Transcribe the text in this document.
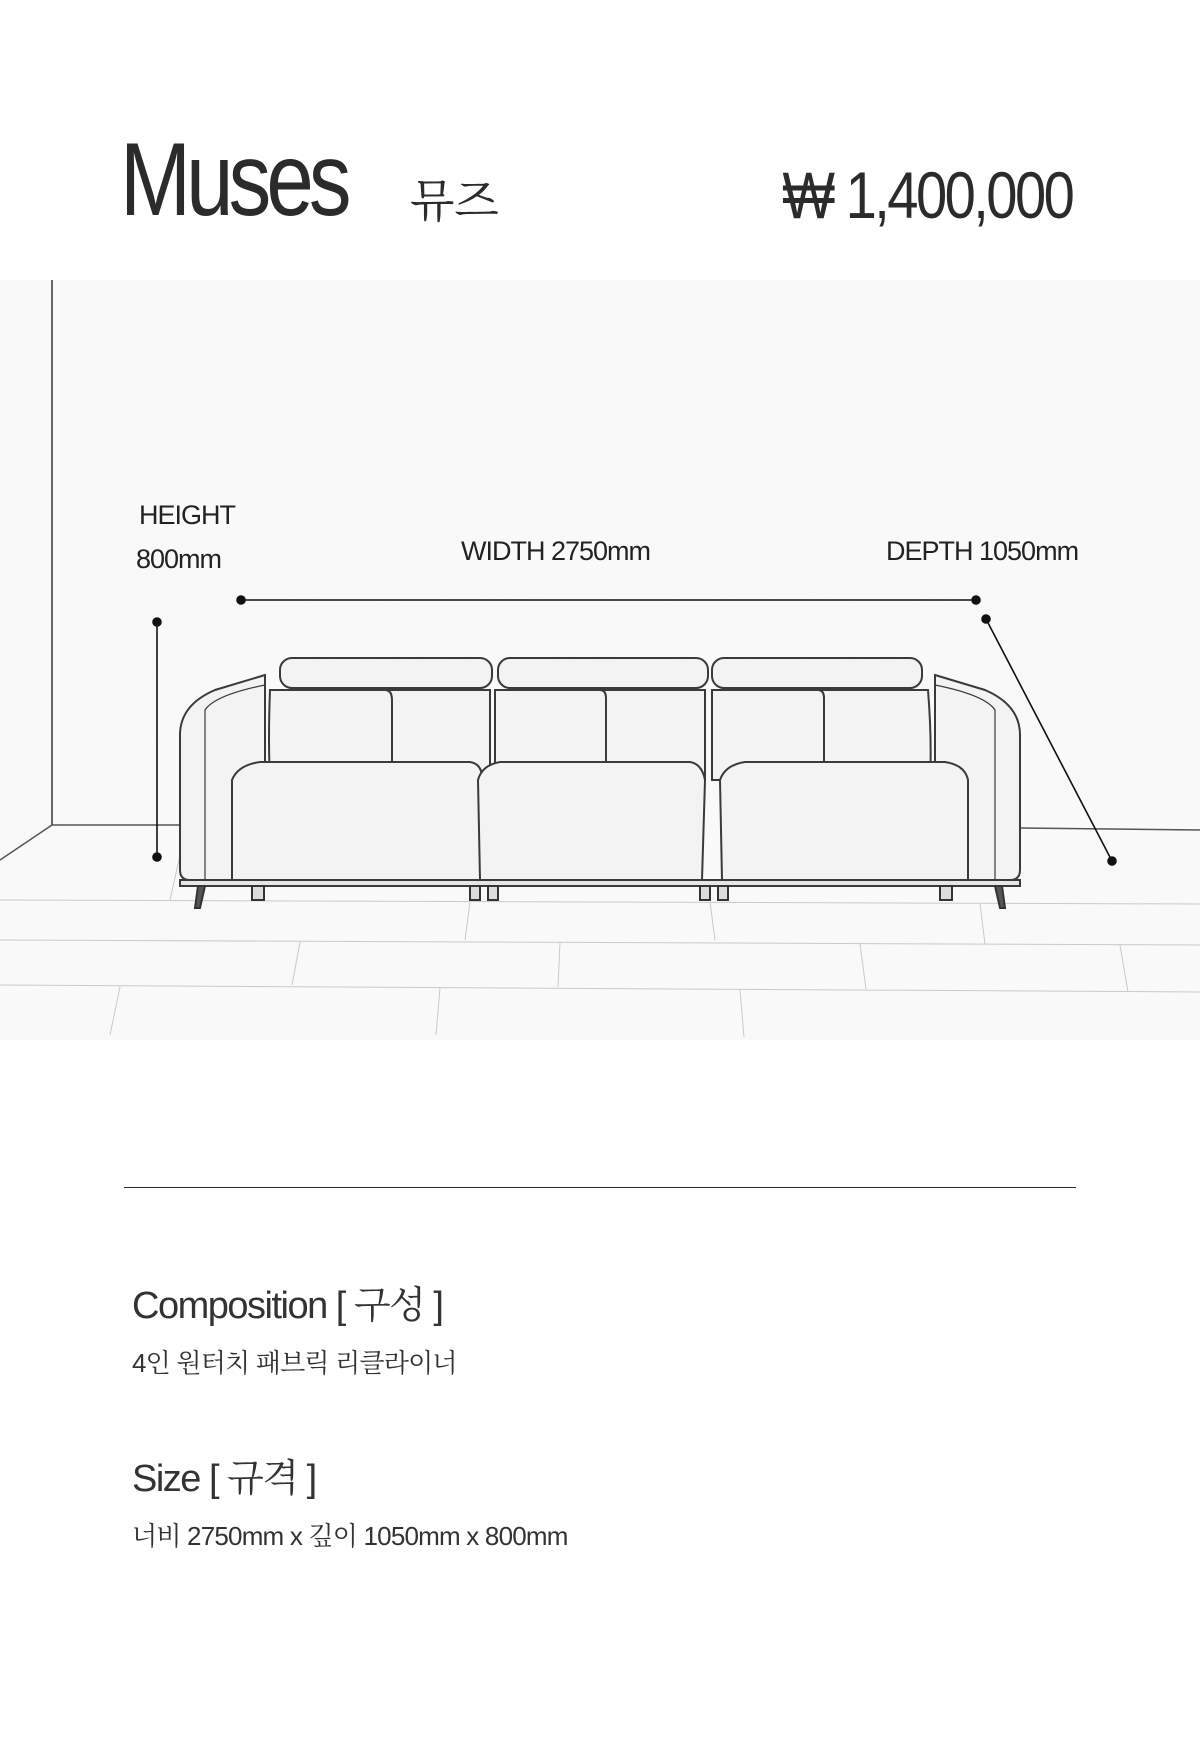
Muses 뮤즈	₩ 1,400,000
HEIGHT
800mm	WIDTH 2750mm	DEPTH 1050mm
Composition [ 구성 ]
4인 원터치 패브릭 리클라이너
Size [ 규격 ]
너비 2750mm x 깊이 1050mm x 800mm
